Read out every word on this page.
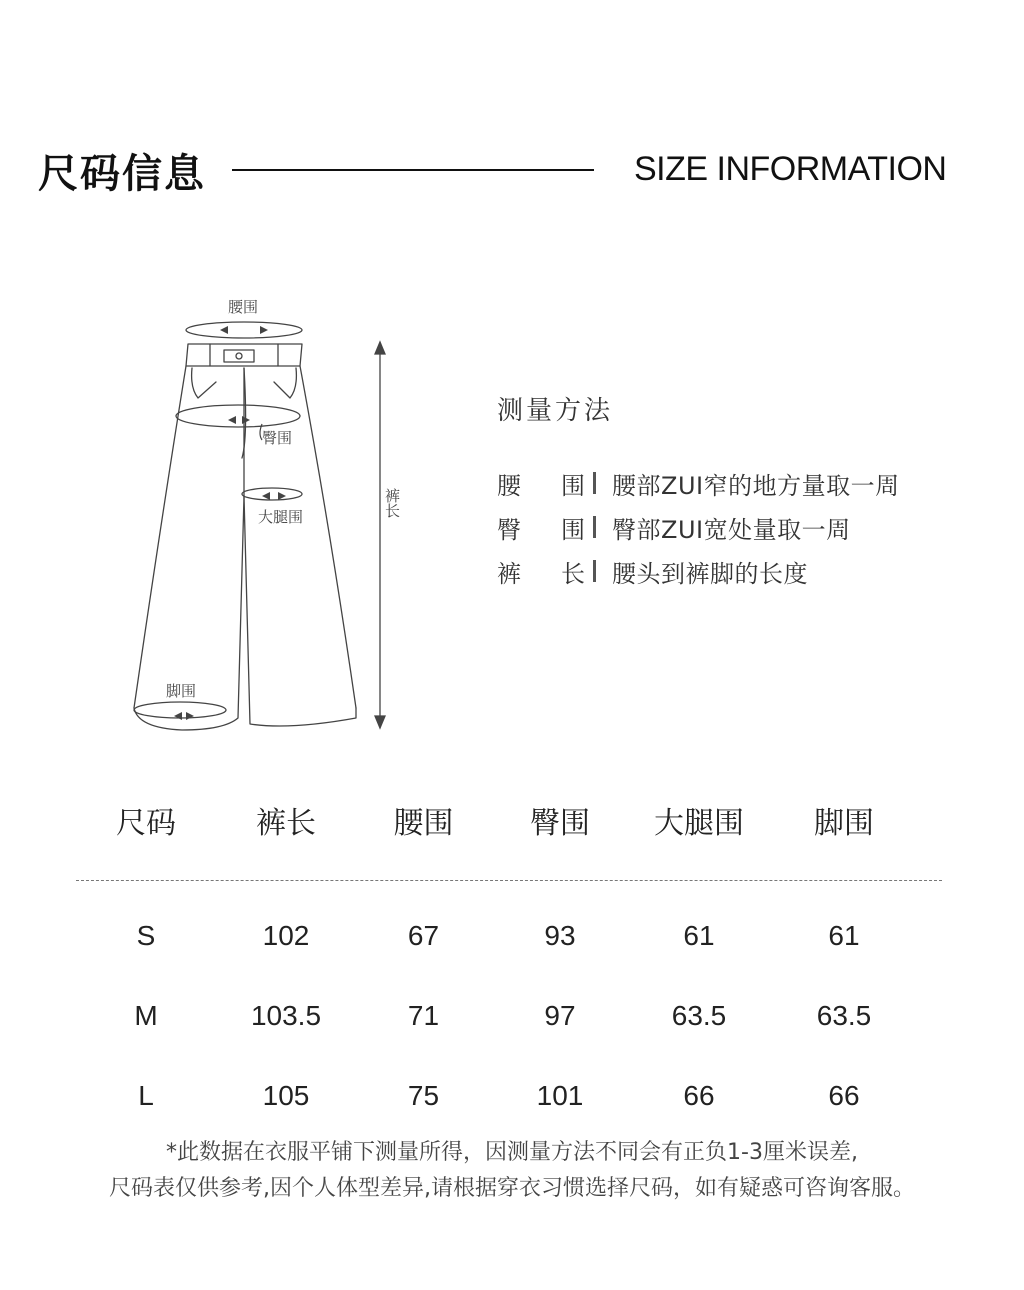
尺码信息	SIZE INFORMATION
腰围
臀围
大腿围
脚围
裤长
测量方法
腰 围 腰部ZUI窄的地方量取一周
臀 围 臀部ZUI宽处量取一周
裤 长 腰头到裤脚的长度
尺码	裤长	腰围	臀围	大腿围	脚围
S	102	67	93	61	61
M	103.5	71	97	63.5	63.5
L	105	75	101	66	66
*此数据在衣服平铺下测量所得，因测量方法不同会有正负1-3厘米误差,
尺码表仅供参考,因个人体型差异,请根据穿衣习惯选择尺码，如有疑惑可咨询客服。
